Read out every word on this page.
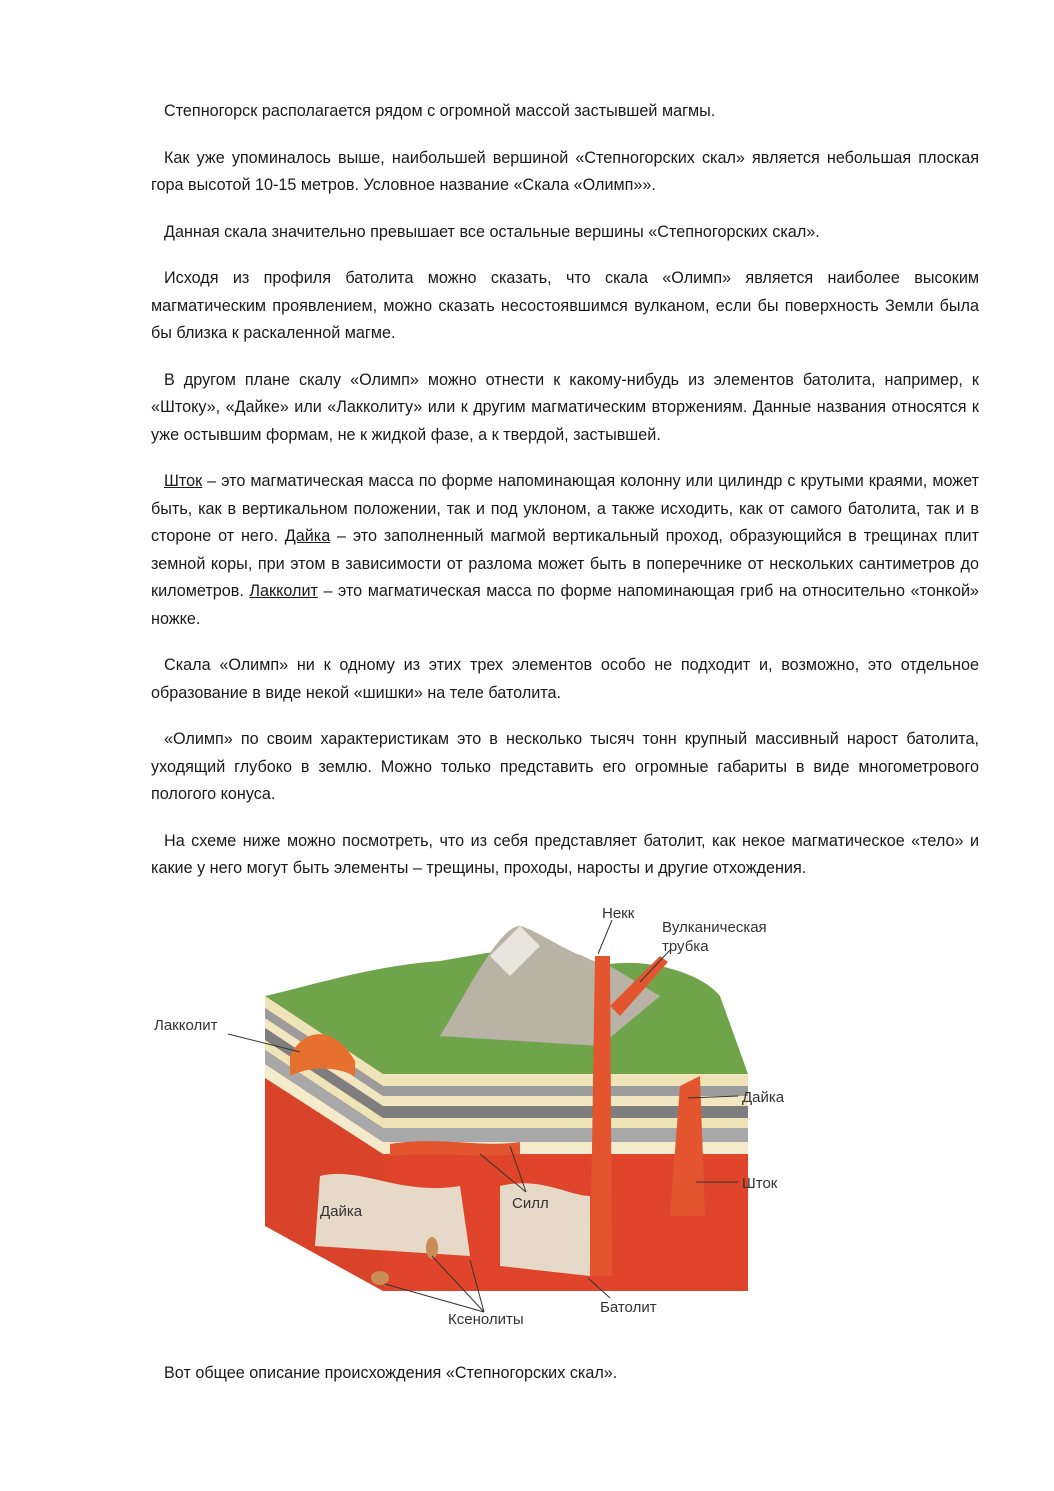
Степногорск располагается рядом с огромной массой застывшей магмы.

Как уже упоминалось выше, наибольшей вершиной «Степногорских скал» является небольшая плоская гора высотой 10-15 метров. Условное название «Скала «Олимп»».

Данная скала значительно превышает все остальные вершины «Степногорских скал».

Исходя из профиля батолита можно сказать, что скала «Олимп» является наиболее высоким магматическим проявлением, можно сказать несостоявшимся вулканом, если бы поверхность Земли была бы близка к раскаленной магме.

В другом плане скалу «Олимп» можно отнести к какому-нибудь из элементов батолита, например, к «Штоку», «Дайке» или «Лакколиту» или к другим магматическим вторжениям. Данные названия относятся к уже остывшим формам, не к жидкой фазе, а к твердой, застывшей.

Шток – это магматическая масса по форме напоминающая колонну или цилиндр с крутыми краями, может быть, как в вертикальном положении, так и под уклоном, а также исходить, как от самого батолита, так и в стороне от него. Дайка – это заполненный магмой вертикальный проход, образующийся в трещинах плит земной коры, при этом в зависимости от разлома может быть в поперечнике от нескольких сантиметров до километров. Лакколит – это магматическая масса по форме напоминающая гриб на относительно «тонкой» ножке.

Скала «Олимп» ни к одному из этих трех элементов особо не подходит и, возможно, это отдельное образование в виде некой «шишки» на теле батолита.

«Олимп» по своим характеристикам это в несколько тысяч тонн крупный массивный нарост батолита, уходящий глубоко в землю. Можно только представить его огромные габариты в виде многометрового пологого конуса.

На схеме ниже можно посмотреть, что из себя представляет батолит, как некое магматическое «тело» и какие у него могут быть элементы – трещины, проходы, наросты и другие отхождения.

Некк
Вулканическая
трубка
Лакколит
Дайка
Шток
Дайка	Силл
Батолит
Ксенолиты

Вот общее описание происхождения «Степногорских скал».
